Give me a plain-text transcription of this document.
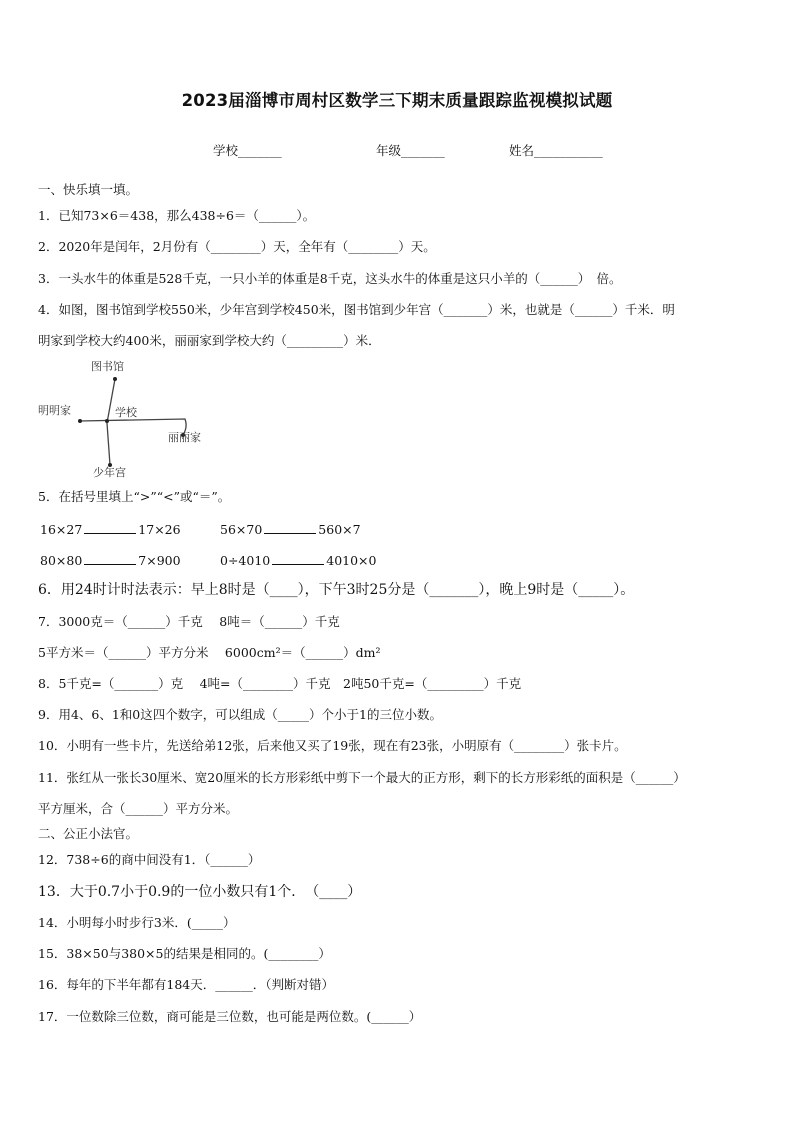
2023届淄博市周村区数学三下期末质量跟踪监视模拟试题
学校_______	年级_______	姓名___________
一、快乐填一填。
1．已知73×6＝438，那么438÷6＝（______）。
2．2020年是闰年，2月份有（________）天，全年有（________）天。
3．一头水牛的体重是528千克，一只小羊的体重是8千克，这头水牛的体重是这只小羊的（______）　倍。
4．如图，图书馆到学校550米，少年宫到学校450米，图书馆到少年宫（_______）米，也就是（______）千米．明
明家到学校大约400米，丽丽家到学校大约（_________）米．
图书馆
明明家	学校
丽丽家
少年宫
5．在括号里填上“>”“<”或“＝”。
16×27	17×26	56×70	560×7
80×80	7×900	0÷4010	4010×0
6．用24时计时法表示：早上8时是（____），下午3时25分是（_______），晚上9时是（_____）。
7．3000克＝（______）千克　 8吨＝（______）千克
5平方米＝（______）平方分米　 6000cm²＝（______）dm²
8．5千克=（_______）克　 4吨=（________）千克　2吨50千克=（_________）千克
9．用4、6、1和0这四个数字，可以组成（_____）个小于1的三位小数。
10．小明有一些卡片，先送给弟12张，后来他又买了19张，现在有23张，小明原有（________）张卡片。
11．张红从一张长30厘米、宽20厘米的长方形彩纸中剪下一个最大的正方形，剩下的长方形彩纸的面积是（______）
平方厘米，合（______）平方分米。
二、公正小法官。
12．738÷6的商中间没有1．（______）
13．大于0.7小于0.9的一位小数只有1个．　（____）
14．小明每小时步行3米．(_____）
15．38×50与380×5的结果是相同的。(________）
16．每年的下半年都有184天．______．（判断对错）
17．一位数除三位数，商可能是三位数，也可能是两位数。(______）
